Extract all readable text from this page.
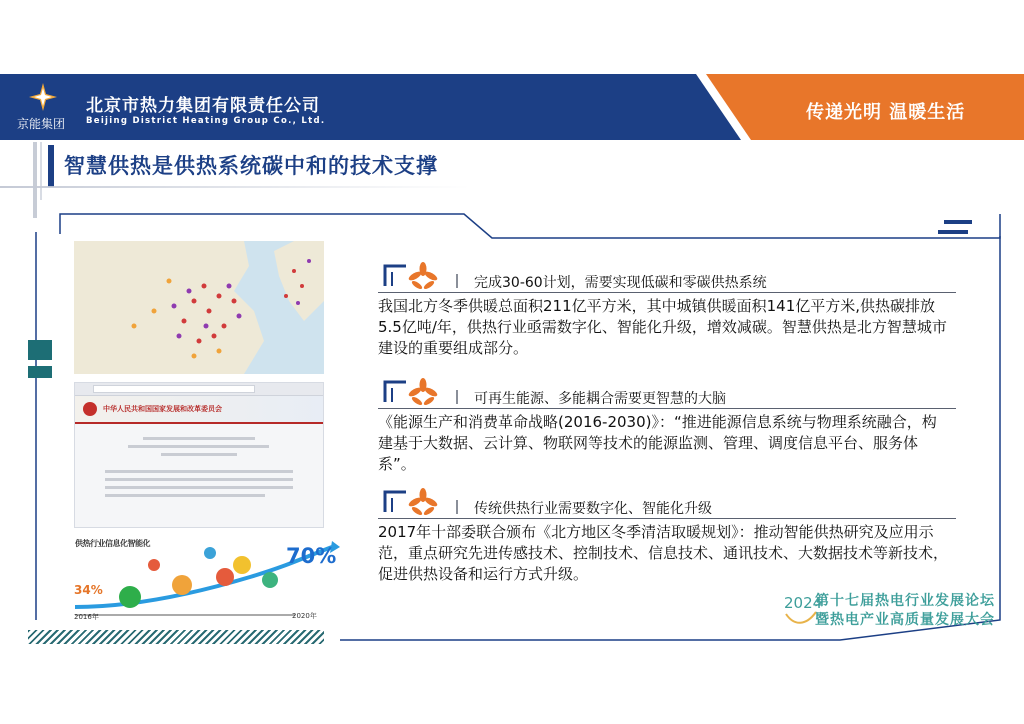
京能集团
北京市热力集团有限责任公司
Beijing District Heating Group Co., Ltd.	传递光明 温暖生活
智慧供热是供热系统碳中和的技术支撑
中华人民共和国国家发展和改革委员会
供热行业信息化智能化
70%
34%
2016年	2020年
完成30-60计划，需要实现低碳和零碳供热系统
我国北方冬季供暖总面积211亿平方米，其中城镇供暖面积141亿平方米,供热碳排放5.5亿吨/年，供热行业亟需数字化、智能化升级，增效减碳。智慧供热是北方智慧城市建设的重要组成部分。
可再生能源、多能耦合需要更智慧的大脑
《能源生产和消费革命战略(2016-2030)》：“推进能源信息系统与物理系统融合，构建基于大数据、云计算、物联网等技术的能源监测、管理、调度信息平台、服务体系”。
传统供热行业需要数字化、智能化升级
2017年十部委联合颁布《北方地区冬季清洁取暖规划》：推动智能供热研究及应用示范，重点研究先进传感技术、控制技术、信息技术、通讯技术、大数据技术等新技术，促进供热设备和运行方式升级。
2024
第十七届热电行业发展论坛
暨热电产业高质量发展大会
